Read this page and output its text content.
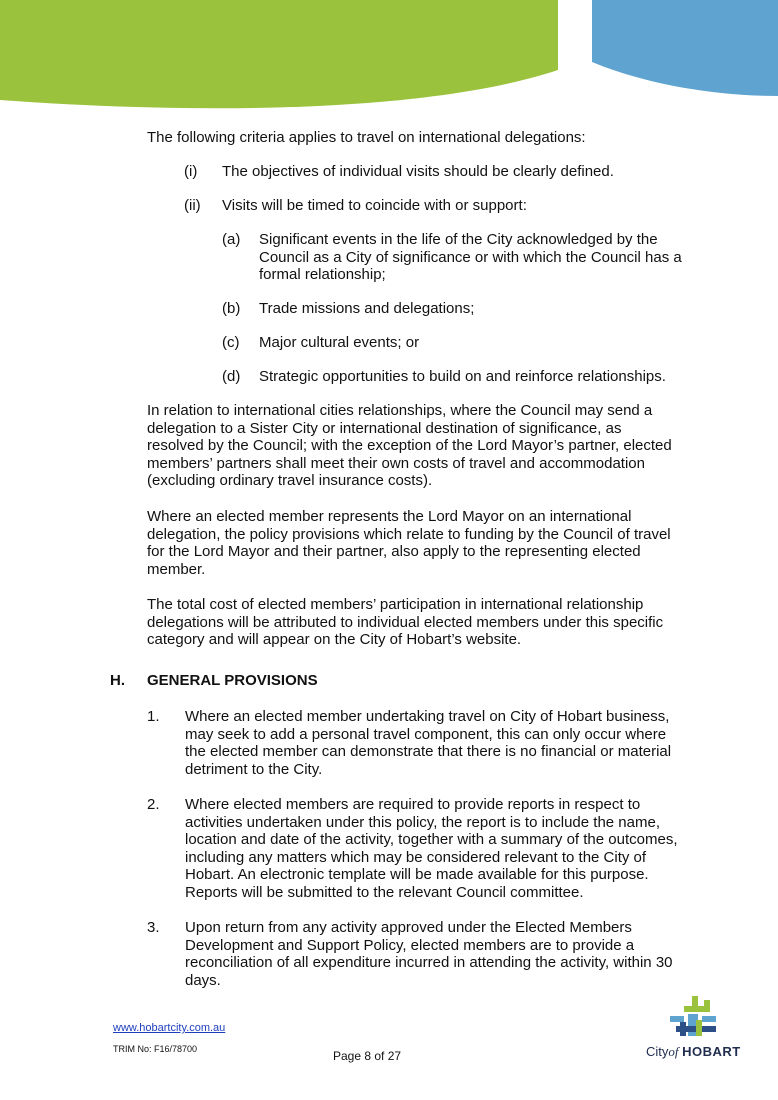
The following criteria applies to travel on international delegations:

(i) The objectives of individual visits should be clearly defined.
(ii) Visits will be timed to coincide with or support:
(a) Significant events in the life of the City acknowledged by the
Council as a City of significance or with which the Council has a
formal relationship;
(b) Trade missions and delegations;
(c) Major cultural events; or
(d) Strategic opportunities to build on and reinforce relationships.
In relation to international cities relationships, where the Council may send a
delegation to a Sister City or international destination of significance, as
resolved by the Council; with the exception of the Lord Mayor’s partner, elected
members’ partners shall meet their own costs of travel and accommodation
(excluding ordinary travel insurance costs).
Where an elected member represents the Lord Mayor on an international
delegation, the policy provisions which relate to funding by the Council of travel
for the Lord Mayor and their partner, also apply to the representing elected
member.
The total cost of elected members’ participation in international relationship
delegations will be attributed to individual elected members under this specific
category and will appear on the City of Hobart’s website.
H. GENERAL PROVISIONS
1. Where an elected member undertaking travel on City of Hobart business,
may seek to add a personal travel component, this can only occur where
the elected member can demonstrate that there is no financial or material
detriment to the City.
2. Where elected members are required to provide reports in respect to
activities undertaken under this policy, the report is to include the name,
location and date of the activity, together with a summary of the outcomes,
including any matters which may be considered relevant to the City of
Hobart. An electronic template will be made available for this purpose.
Reports will be submitted to the relevant Council committee.
3. Upon return from any activity approved under the Elected Members
Development and Support Policy, elected members are to provide a
reconciliation of all expenditure incurred in attending the activity, within 30
days.
www.hobartcity.com.au
TRIM No: F16/78700	Page 8 of 27	Cityof HOBART
